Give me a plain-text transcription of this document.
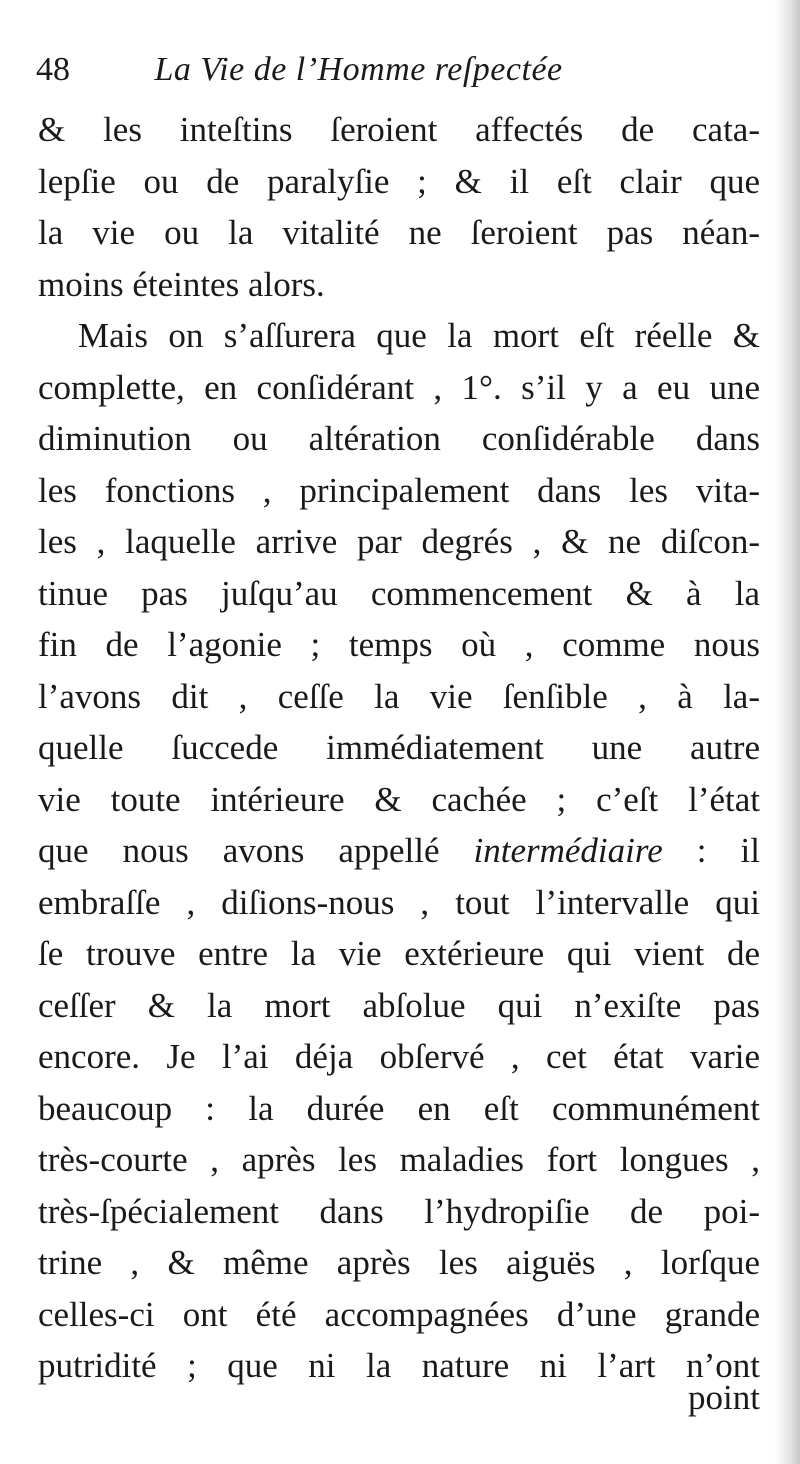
48 La Vie de l’Homme reſpectée
& les inteſtins ſeroient affectés de cata-
lepſie ou de paralyſie ; & il eſt clair que
la vie ou la vitalité ne ſeroient pas néan-
moins éteintes alors.
Mais on s’aſſurera que la mort eſt réelle &
complette, en conſidérant , 1°. s’il y a eu une
diminution ou altération conſidérable dans
les fonctions , principalement dans les vita-
les , laquelle arrive par degrés , & ne diſcon-
tinue pas juſqu’au commencement & à la
fin de l’agonie ; temps où , comme nous
l’avons dit , ceſſe la vie ſenſible , à la-
quelle ſuccede immédiatement une autre
vie toute intérieure & cachée ; c’eſt l’état
que nous avons appellé intermédiaire : il
embraſſe , diſions-nous , tout l’intervalle qui
ſe trouve entre la vie extérieure qui vient de
ceſſer & la mort abſolue qui n’exiſte pas
encore. Je l’ai déja obſervé , cet état varie
beaucoup : la durée en eſt communément
très-courte , après les maladies fort longues ,
très-ſpécialement dans l’hydropiſie de poi-
trine , & même après les aiguës , lorſque
celles-ci ont été accompagnées d’une grande
putridité ; que ni la nature ni l’art n’ont
point
